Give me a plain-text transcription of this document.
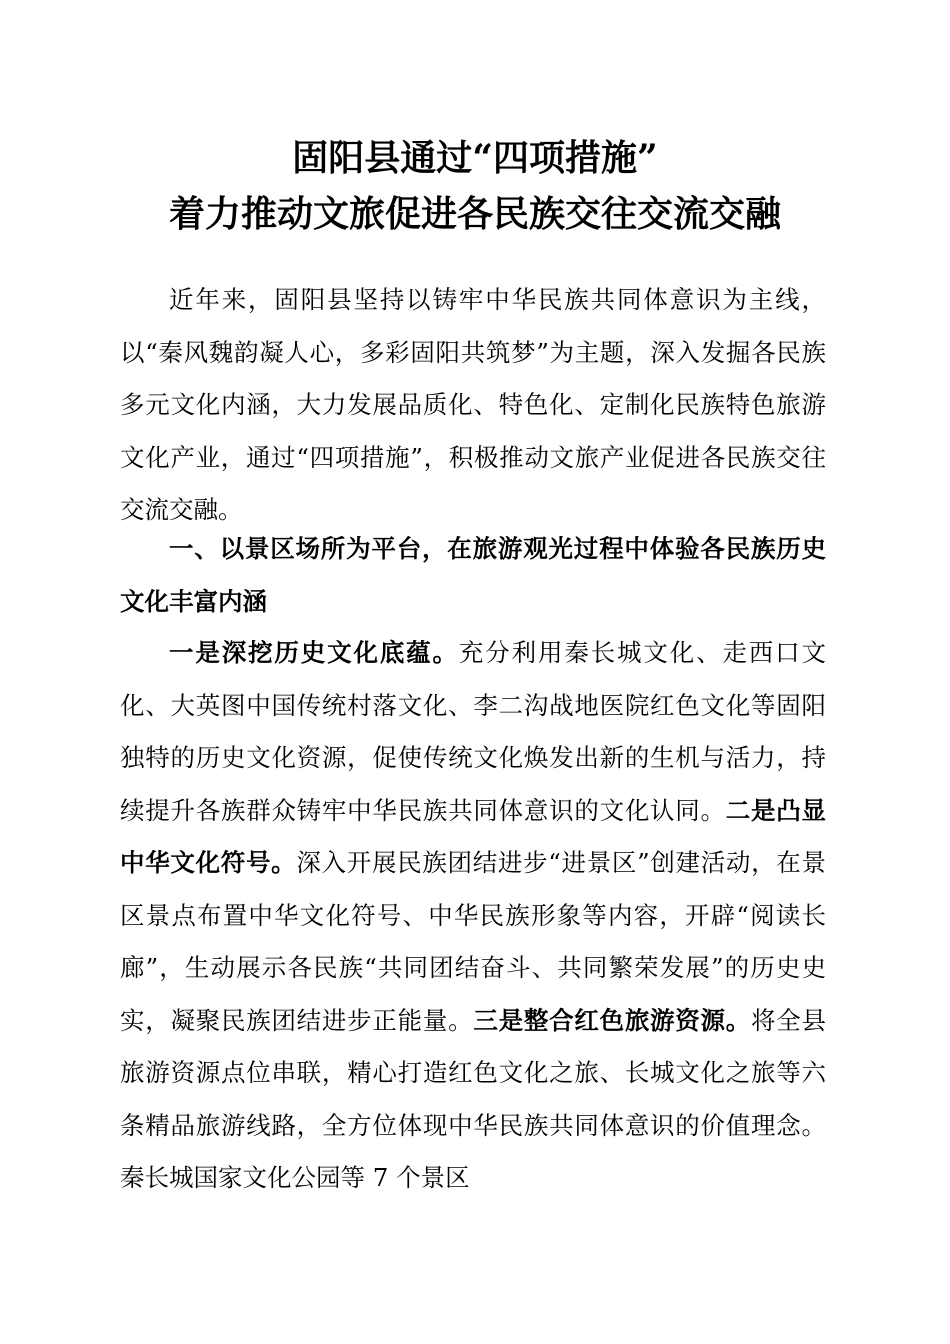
固阳县通过“四项措施”
着力推动文旅促进各民族交往交流交融

近年来，固阳县坚持以铸牢中华民族共同体意识为主线，以“秦风魏韵凝人心，多彩固阳共筑梦”为主题，深入发掘各民族多元文化内涵，大力发展品质化、特色化、定制化民族特色旅游文化产业，通过“四项措施”，积极推动文旅产业促进各民族交往交流交融。

一、以景区场所为平台，在旅游观光过程中体验各民族历史文化丰富内涵

一是深挖历史文化底蕴。充分利用秦长城文化、走西口文化、大英图中国传统村落文化、李二沟战地医院红色文化等固阳独特的历史文化资源，促使传统文化焕发出新的生机与活力，持续提升各族群众铸牢中华民族共同体意识的文化认同。二是凸显中华文化符号。深入开展民族团结进步“进景区”创建活动，在景区景点布置中华文化符号、中华民族形象等内容，开辟“阅读长廊”，生动展示各民族“共同团结奋斗、共同繁荣发展”的历史史实，凝聚民族团结进步正能量。三是整合红色旅游资源。将全县旅游资源点位串联，精心打造红色文化之旅、长城文化之旅等六条精品旅游线路，全方位体现中华民族共同体意识的价值理念。秦长城国家文化公园等 7 个景区
